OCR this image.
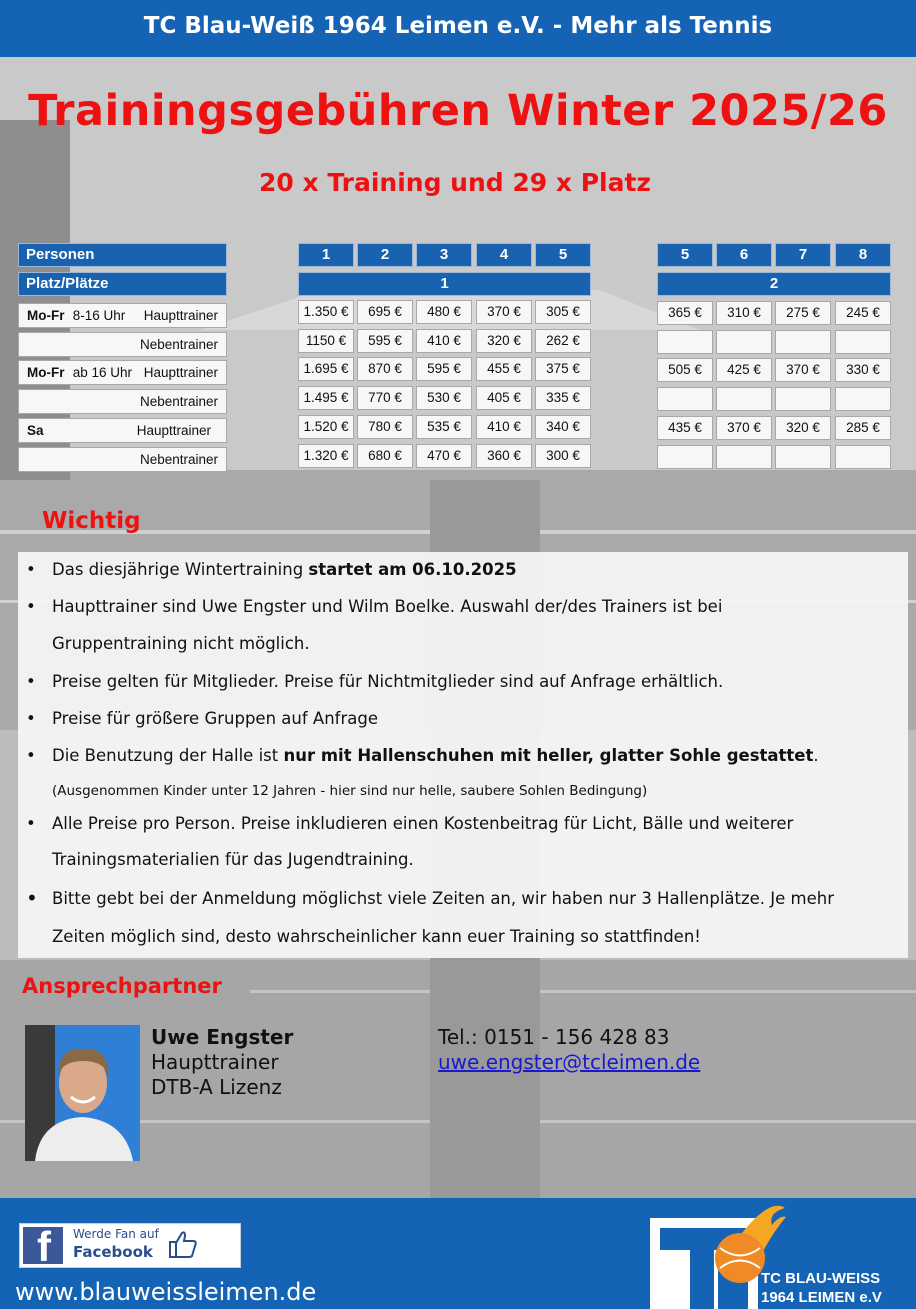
TC Blau-Weiß 1964 Leimen e.V. - Mehr als Tennis
Trainingsgebühren Winter 2025/26
20 x Training und 29 x Platz
Personen
Platz/Plätze
1	2	3	4	5	5	6	7	8
1	2
Mo-Fr 8-16 Uhr Haupttrainer	1.350 €	695 €	480 €	370 €	305 €	365 €	310 €	275 €	245 €
Nebentrainer	1150 €	595 €	410 €	320 €	262 €
Mo-Fr ab 16 Uhr Haupttrainer	1.695 €	870 €	595 €	455 €	375 €	505 €	425 €	370 €	330 €
Nebentrainer	1.495 €	770 €	530 €	405 €	335 €
Sa	Haupttrainer	1.520 €	780 €	535 €	410 €	340 €	435 €	370 €	320 €	285 €
Nebentrainer	1.320 €	680 €	470 €	360 €	300 €
Wichtig
• Das diesjährige Wintertraining startet am 06.10.2025
• Haupttrainer sind Uwe Engster und Wilm Boelke. Auswahl der/des Trainers ist bei
Gruppentraining nicht möglich.
• Preise gelten für Mitglieder. Preise für Nichtmitglieder sind auf Anfrage erhältlich.
• Preise für größere Gruppen auf Anfrage
• Die Benutzung der Halle ist nur mit Hallenschuhen mit heller, glatter Sohle gestattet.
(Ausgenommen Kinder unter 12 Jahren - hier sind nur helle, saubere Sohlen Bedingung)
• Alle Preise pro Person. Preise inkludieren einen Kostenbeitrag für Licht, Bälle und weiterer
Trainingsmaterialien für das Jugendtraining.
• Bitte gebt bei der Anmeldung möglichst viele Zeiten an, wir haben nur 3 Hallenplätze. Je mehr
Zeiten möglich sind, desto wahrscheinlicher kann euer Training so stattfinden!
Ansprechpartner
Uwe Engster
Haupttrainer
DTB-A Lizenz
Tel.: 0151 - 156 428 83
uwe.engster@tcleimen.de
f Werde Fan auf
Facebook
www.blauweissleimen.de	TC BLAU-WEISS
1964 LEIMEN e.V
